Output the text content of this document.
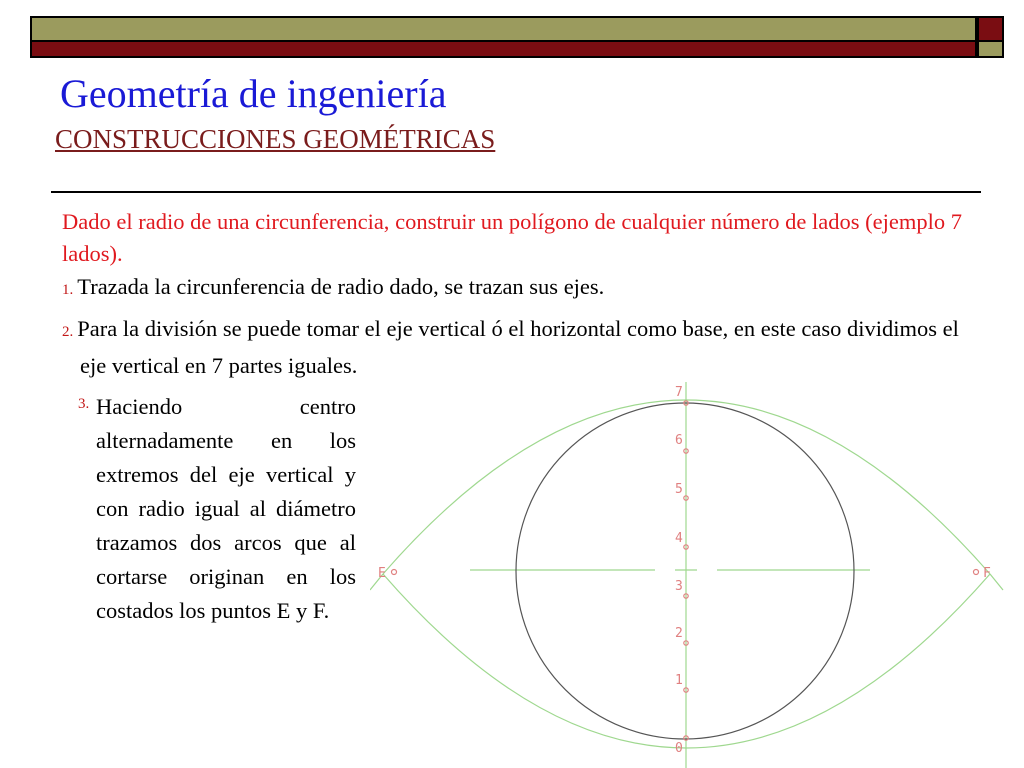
Geometría de ingeniería
CONSTRUCCIONES GEOMÉTRICAS

Dado el radio de una circunferencia, construir un polígono de cualquier número de lados (ejemplo 7 lados).

1. Trazada la circunferencia de radio dado, se trazan sus ejes.

2. Para la división se puede tomar el eje vertical ó el horizontal como base, en este caso dividimos el eje vertical en 7 partes iguales.

3. Haciendo centro alternadamente en los extremos del eje vertical y con radio igual al diámetro trazamos dos arcos que al cortarse originan en los costados los puntos E y F.

0
1
2
3
4
5
6
7
E	F
